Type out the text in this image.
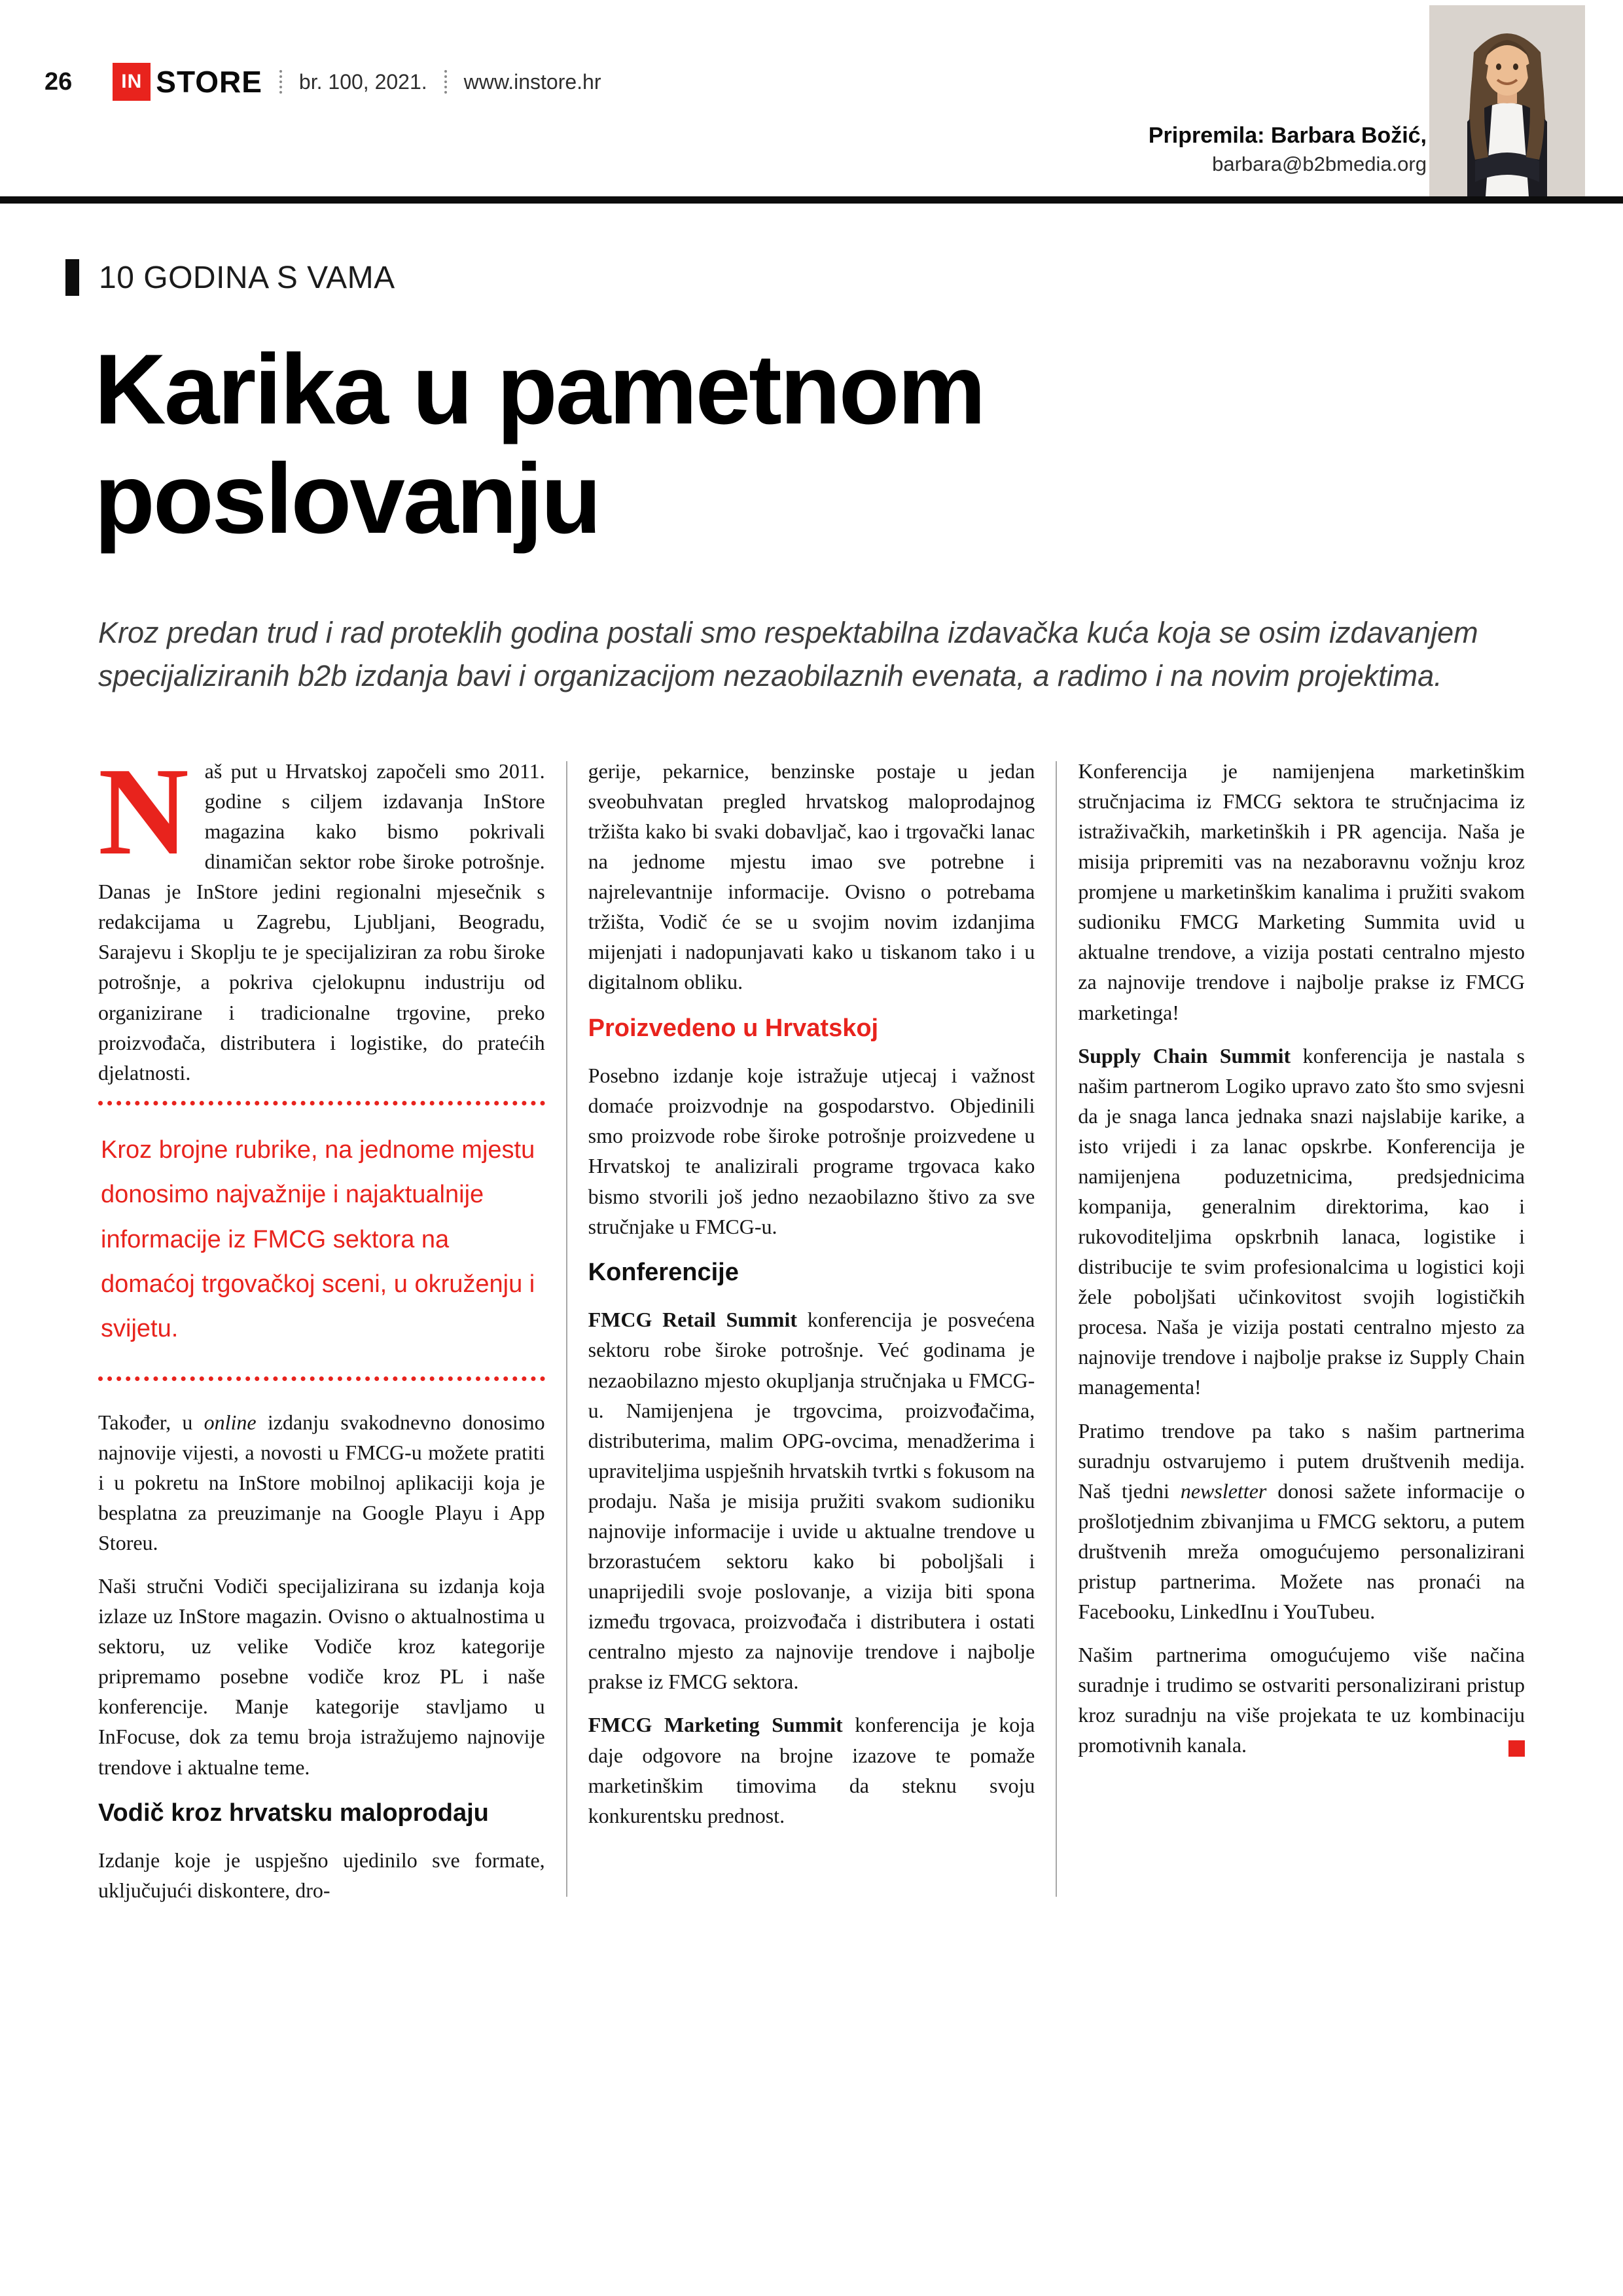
26	IN STORE br. 100, 2021. www.instore.hr
Pripremila: Barbara Božić,
barbara@b2bmedia.org
10 GODINA S VAMA
Karika u pametnom
poslovanju

Kroz predan trud i rad proteklih godina postali smo respektabilna izdavačka kuća koja se osim izdavanjem specijaliziranih b2b izdanja bavi i organizacijom nezaobilaznih evenata, a radimo i na novim projektima.

Naš put u Hrvatskoj započeli smo 2011. godine s ciljem izdavanja InStore magazina kako bismo pokrivali dinamičan sektor robe široke potrošnje. Danas je InStore jedini regionalni mjesečnik s redakcijama u Zagrebu, Ljubljani, Beogradu, Sarajevu i Skoplju te je specijaliziran za robu široke potrošnje, a pokriva cjelokupnu industriju od organizirane i tradicionalne trgovine, preko proizvođača, distributera i logistike, do pratećih djelatnosti.

Kroz brojne rubrike, na jednome mjestu donosimo najvažnije i najaktualnije informacije iz FMCG sektora na domaćoj trgovačkoj sceni, u okruženju i svijetu.

Također, u online izdanju svakodnevno donosimo najnovije vijesti, a novosti u FMCG-u možete pratiti i u pokretu na InStore mobilnoj aplikaciji koja je besplatna za preuzimanje na Google Playu i App Storeu.

Naši stručni Vodiči specijalizirana su izdanja koja izlaze uz InStore magazin. Ovisno o aktualnostima u sektoru, uz velike Vodiče kroz kategorije pripremamo posebne vodiče kroz PL i naše konferencije. Manje kategorije stavljamo u InFocuse, dok za temu broja istražujemo najnovije trendove i aktualne teme.

Vodič kroz hrvatsku maloprodaju

Izdanje koje je uspješno ujedinilo sve formate, uključujući diskontere, dro-

gerije, pekarnice, benzinske postaje u jedan sveobuhvatan pregled hrvatskog maloprodajnog tržišta kako bi svaki dobavljač, kao i trgovački lanac na jednome mjestu imao sve potrebne i najrelevantnije informacije. Ovisno o potrebama tržišta, Vodič će se u svojim novim izdanjima mijenjati i nadopunjavati kako u tiskanom tako i u digitalnom obliku.

Proizvedeno u Hrvatskoj

Posebno izdanje koje istražuje utjecaj i važnost domaće proizvodnje na gospodarstvo. Objedinili smo proizvode robe široke potrošnje proizvedene u Hrvatskoj te analizirali programe trgovaca kako bismo stvorili još jedno nezaobilazno štivo za sve stručnjake u FMCG-u.

Konferencije

FMCG Retail Summit konferencija je posvećena sektoru robe široke potrošnje. Već godinama je nezaobilazno mjesto okupljanja stručnjaka u FMCG-u. Namijenjena je trgovcima, proizvođačima, distributerima, malim OPG-ovcima, menadžerima i upraviteljima uspješnih hrvatskih tvrtki s fokusom na prodaju. Naša je misija pružiti svakom sudioniku najnovije informacije i uvide u aktualne trendove u brzorastućem sektoru kako bi poboljšali i unaprijedili svoje poslovanje, a vizija biti spona između trgovaca, proizvođača i distributera i ostati centralno mjesto za najnovije trendove i najbolje prakse iz FMCG sektora.

FMCG Marketing Summit konferencija je koja daje odgovore na brojne izazove te pomaže marketinškim timovima da steknu svoju konkurentsku prednost.

Konferencija je namijenjena marketinškim stručnjacima iz FMCG sektora te stručnjacima iz istraživačkih, marketinških i PR agencija. Naša je misija pripremiti vas na nezaboravnu vožnju kroz promjene u marketinškim kanalima i pružiti svakom sudioniku FMCG Marketing Summita uvid u aktualne trendove, a vizija postati centralno mjesto za najnovije trendove i najbolje prakse iz FMCG marketinga!

Supply Chain Summit konferencija je nastala s našim partnerom Logiko upravo zato što smo svjesni da je snaga lanca jednaka snazi najslabije karike, a isto vrijedi i za lanac opskrbe. Konferencija je namijenjena poduzetnicima, predsjednicima kompanija, generalnim direktorima, kao i rukovoditeljima opskrbnih lanaca, logistike i distribucije te svim profesionalcima u logistici koji žele poboljšati učinkovitost svojih logističkih procesa. Naša je vizija postati centralno mjesto za najnovije trendove i najbolje prakse iz Supply Chain managementa!

Pratimo trendove pa tako s našim partnerima suradnju ostvarujemo i putem društvenih medija. Naš tjedni newsletter donosi sažete informacije o prošlotjednim zbivanjima u FMCG sektoru, a putem društvenih mreža omogućujemo personalizirani pristup partnerima. Možete nas pronaći na Facebooku, LinkedInu i YouTubeu.

Našim partnerima omogućujemo više načina suradnje i trudimo se ostvariti personalizirani pristup kroz suradnju na više projekata te uz kombinaciju promotivnih kanala.
